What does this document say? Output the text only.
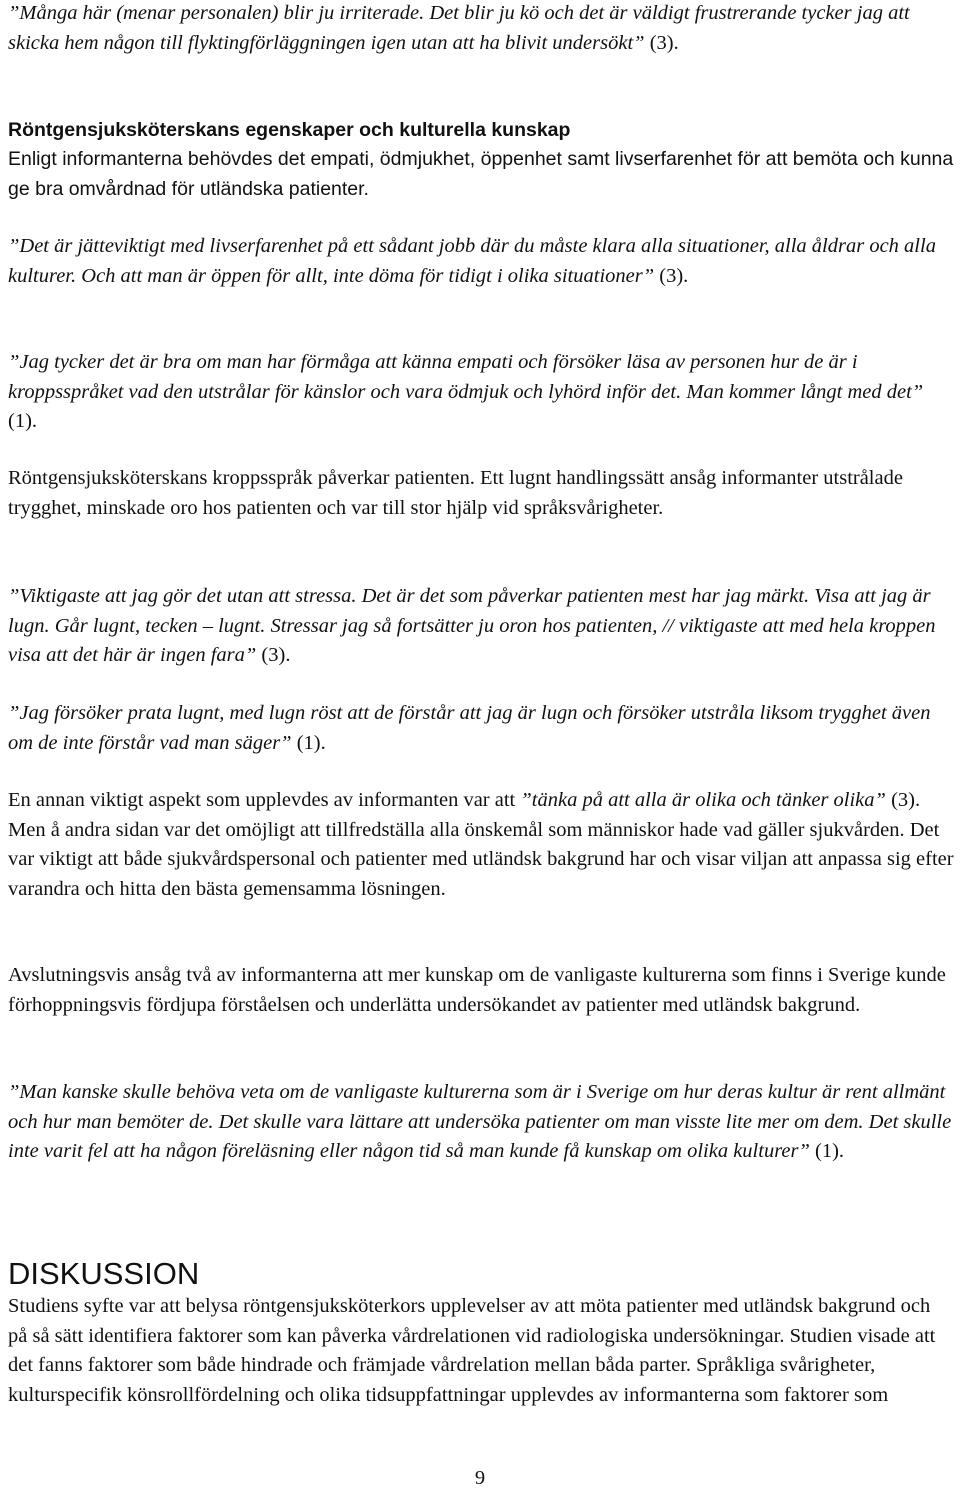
”Många här (menar personalen) blir ju irriterade. Det blir ju kö och det är väldigt frustrerande tycker jag att skicka hem någon till flyktingförläggningen igen utan att ha blivit undersökt” (3).

Röntgensjuksköterskans egenskaper och kulturella kunskap

Enligt informanterna behövdes det empati, ödmjukhet, öppenhet samt livserfarenhet för att bemöta och kunna ge bra omvårdnad för utländska patienter.

”Det är jätteviktigt med livserfarenhet på ett sådant jobb där du måste klara alla situationer, alla åldrar och alla kulturer. Och att man är öppen för allt, inte döma för tidigt i olika situationer” (3).

”Jag tycker det är bra om man har förmåga att känna empati och försöker läsa av personen hur de är i kroppsspråket vad den utstrålar för känslor och vara ödmjuk och lyhörd inför det. Man kommer långt med det” (1).

Röntgensjuksköterskans kroppsspråk påverkar patienten. Ett lugnt handlingssätt ansåg informanter utstrålade trygghet, minskade oro hos patienten och var till stor hjälp vid språksvårigheter.

”Viktigaste att jag gör det utan att stressa. Det är det som påverkar patienten mest har jag märkt. Visa att jag är lugn. Går lugnt, tecken – lugnt. Stressar jag så fortsätter ju oron hos patienten, // viktigaste att med hela kroppen visa att det här är ingen fara” (3).

”Jag försöker prata lugnt, med lugn röst att de förstår att jag är lugn och försöker utstråla liksom trygghet även om de inte förstår vad man säger” (1).

En annan viktigt aspekt som upplevdes av informanten var att ”tänka på att alla är olika och tänker olika” (3). Men å andra sidan var det omöjligt att tillfredställa alla önskemål som människor hade vad gäller sjukvården. Det var viktigt att både sjukvårdspersonal och patienter med utländsk bakgrund har och visar viljan att anpassa sig efter varandra och hitta den bästa gemensamma lösningen.

Avslutningsvis ansåg två av informanterna att mer kunskap om de vanligaste kulturerna som finns i Sverige kunde förhoppningsvis fördjupa förståelsen och underlätta undersökandet av patienter med utländsk bakgrund.

”Man kanske skulle behöva veta om de vanligaste kulturerna som är i Sverige om hur deras kultur är rent allmänt och hur man bemöter de. Det skulle vara lättare att undersöka patienter om man visste lite mer om dem. Det skulle inte varit fel att ha någon föreläsning eller någon tid så man kunde få kunskap om olika kulturer” (1).

DISKUSSION

Studiens syfte var att belysa röntgensjuksköterkors upplevelser av att möta patienter med utländsk bakgrund och på så sätt identifiera faktorer som kan påverka vårdrelationen vid radiologiska undersökningar. Studien visade att det fanns faktorer som både hindrade och främjade vårdrelation mellan båda parter. Språkliga svårigheter, kulturspecifik könsrollfördelning och olika tidsuppfattningar upplevdes av informanterna som faktorer som

9
